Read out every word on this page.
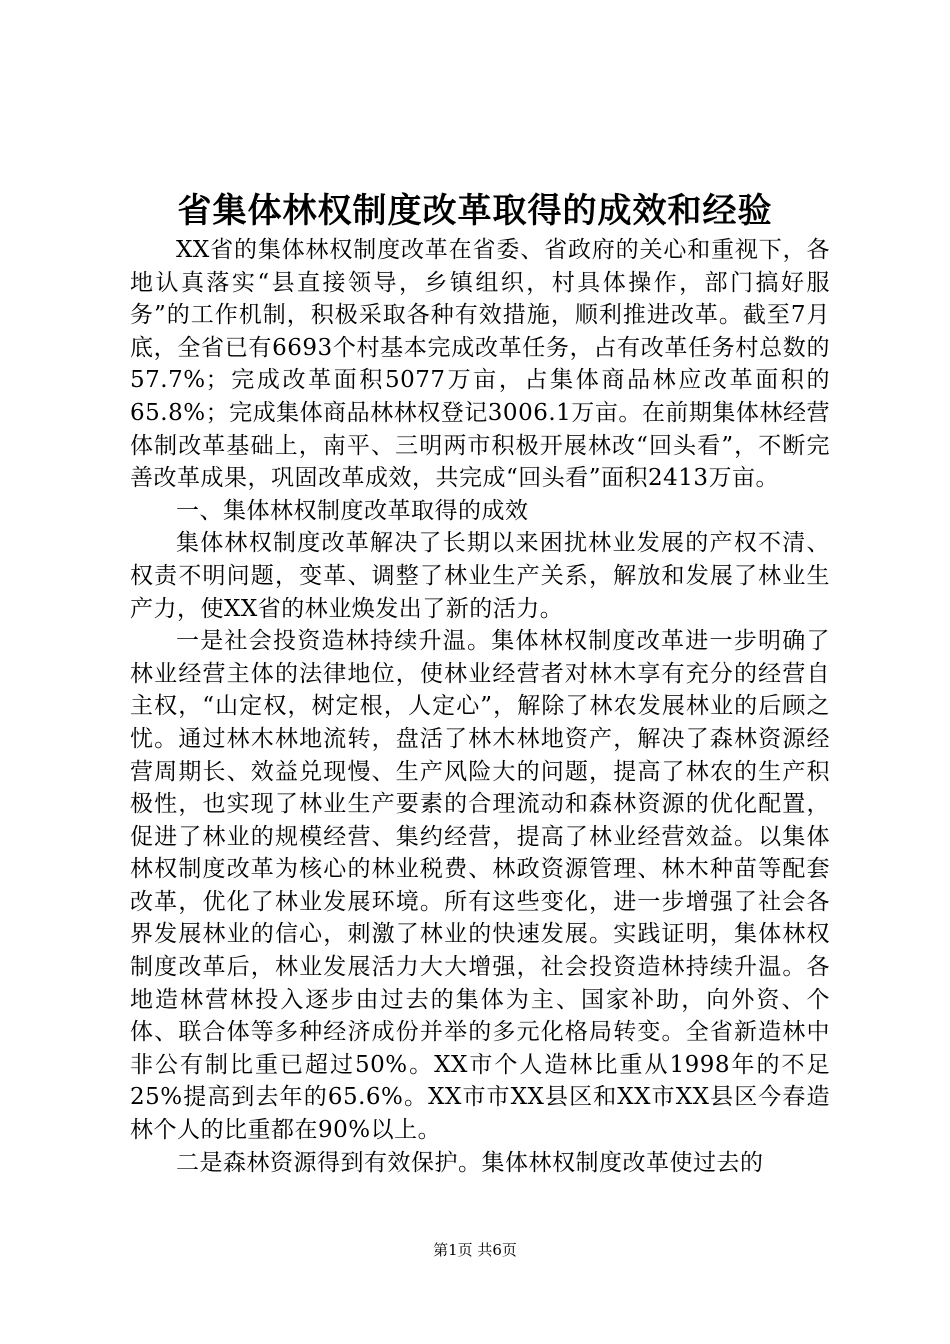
省集体林权制度改革取得的成效和经验

XX省的集体林权制度改革在省委、省政府的关心和重视下，各地认真落实“县直接领导，乡镇组织，村具体操作，部门搞好服务”的工作机制，积极采取各种有效措施，顺利推进改革。截至7月底，全省已有6693个村基本完成改革任务，占有改革任务村总数的57.7%；完成改革面积5077万亩，占集体商品林应改革面积的65.8%；完成集体商品林林权登记3006.1万亩。在前期集体林经营体制改革基础上，南平、三明两市积极开展林改“回头看”，不断完善改革成果，巩固改革成效，共完成“回头看”面积2413万亩。

一、集体林权制度改革取得的成效

集体林权制度改革解决了长期以来困扰林业发展的产权不清、权责不明问题，变革、调整了林业生产关系，解放和发展了林业生产力，使XX省的林业焕发出了新的活力。

一是社会投资造林持续升温。集体林权制度改革进一步明确了林业经营主体的法律地位，使林业经营者对林木享有充分的经营自主权，“山定权，树定根，人定心”，解除了林农发展林业的后顾之忧。通过林木林地流转，盘活了林木林地资产，解决了森林资源经营周期长、效益兑现慢、生产风险大的问题，提高了林农的生产积极性，也实现了林业生产要素的合理流动和森林资源的优化配置，促进了林业的规模经营、集约经营，提高了林业经营效益。以集体林权制度改革为核心的林业税费、林政资源管理、林木种苗等配套改革，优化了林业发展环境。所有这些变化，进一步增强了社会各界发展林业的信心，刺激了林业的快速发展。实践证明，集体林权制度改革后，林业发展活力大大增强，社会投资造林持续升温。各地造林营林投入逐步由过去的集体为主、国家补助，向外资、个体、联合体等多种经济成份并举的多元化格局转变。全省新造林中非公有制比重已超过50%。XX市个人造林比重从1998年的不足25%提高到去年的65.6%。XX市市XX县区和XX市XX县区今春造林个人的比重都在90%以上。

二是森林资源得到有效保护。集体林权制度改革使过去的

第1页 共6页
